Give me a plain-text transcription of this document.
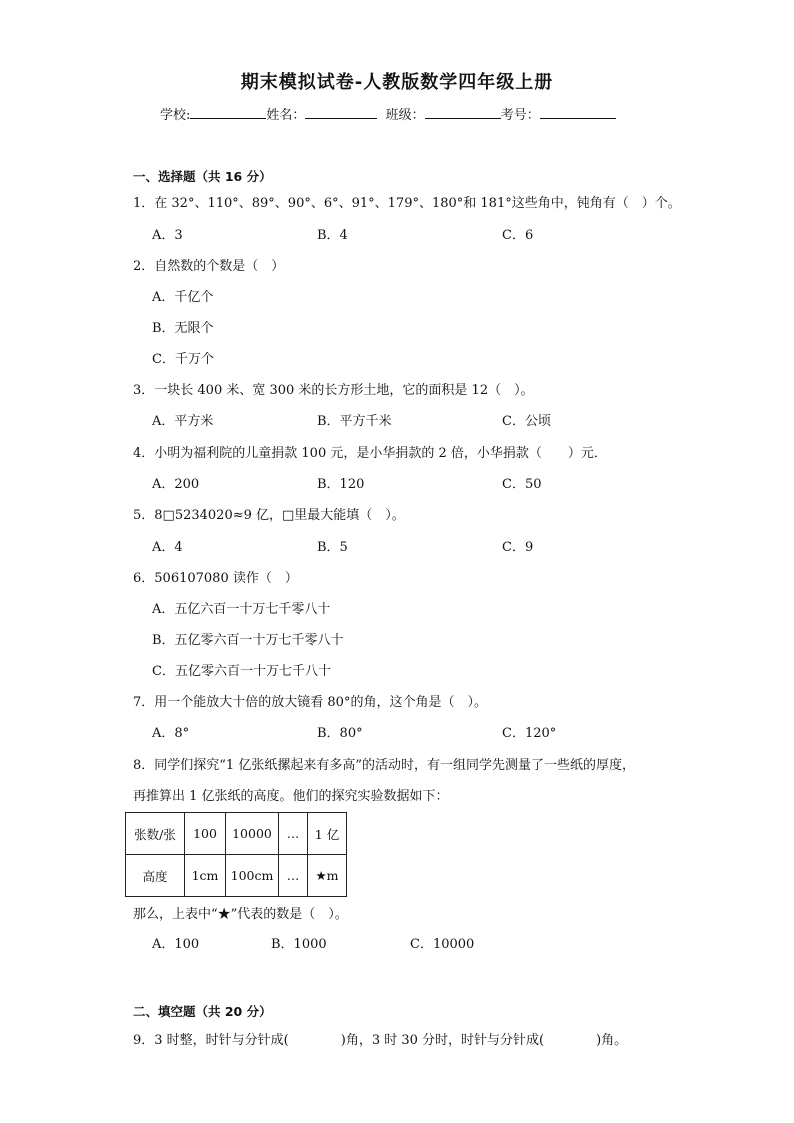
期末模拟试卷-人教版数学四年级上册
学校:	姓名：	班级：	考号：
一、选择题（共 16 分）
1．在 32°、110°、89°、90°、6°、91°、179°、180°和 181°这些角中，钝角有（　）个。
A．3	B．4	C．6
2．自然数的个数是（　）
A．千亿个
B．无限个
C．千万个
3．一块长 400 米、宽 300 米的长方形土地，它的面积是 12（　）。
A．平方米	B．平方千米	C．公顷
4．小明为福利院的儿童捐款 100 元，是小华捐款的 2 倍，小华捐款（　　）元．
A．200	B．120	C．50
5．8□5234020≈9 亿，□里最大能填（　）。
A．4	B．5	C．9
6．506107080 读作（　）
A．五亿六百一十万七千零八十
B．五亿零六百一十万七千零八十
C．五亿零六百一十万七千八十
7．用一个能放大十倍的放大镜看 80°的角，这个角是（　）。
A．8°	B．80°	C．120°
8．同学们探究“1 亿张纸摞起来有多高”的活动时，有一组同学先测量了一些纸的厚度，
再推算出 1 亿张纸的高度。他们的探究实验数据如下：
张数/张	100	10000	…	1 亿
高度	1cm	100cm	…	★m
那么，上表中“★”代表的数是（　）。
A．100	B．1000	C．10000
二、填空题（共 20 分）
9．3 时整，时针与分针成(　　　　)角，3 时 30 分时，时针与分针成(　　　　)角。
